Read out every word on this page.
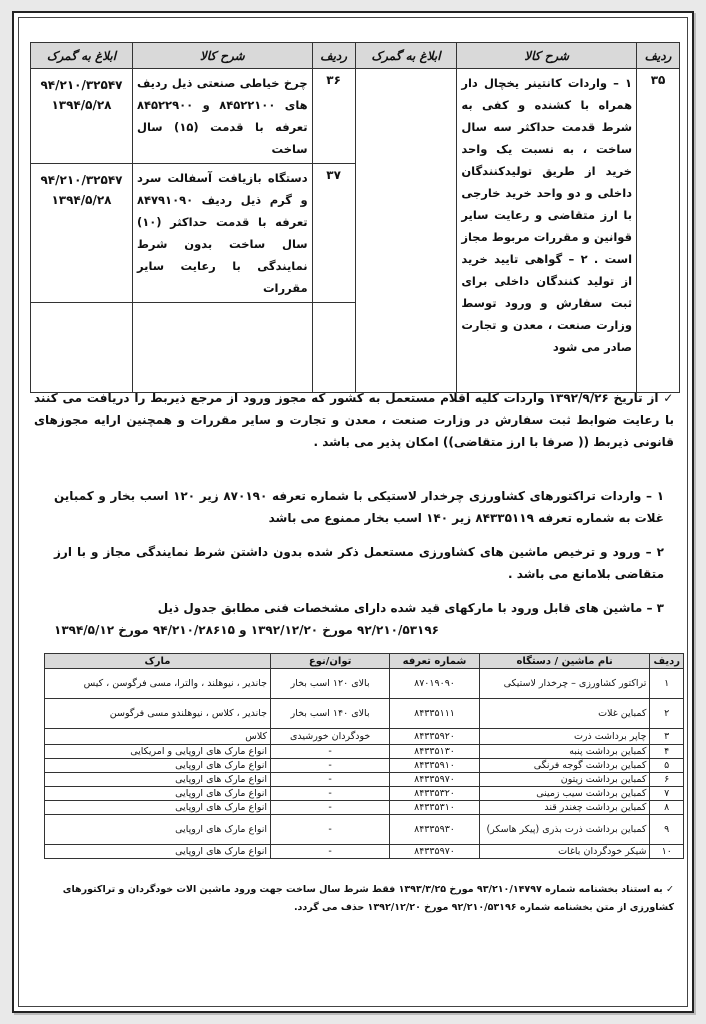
ردیف	شرح کالا	ابلاغ به گمرک	ردیف	شرح کالا	ابلاغ به گمرک
۳۵	۱ – واردات کانتینر یخچال دار همراه با کشنده و کفی به شرط قدمت حداکثر سه سال ساخت ، به نسبت یک واحد خرید از طریق تولیدکنندگان داخلی و دو واحد خرید خارجی با ارز متقاضی و رعایت سایر قوانین و مقررات مربوط مجاز است . ۲ – گواهی تایید خرید از تولید کنندگان داخلی برای ثبت سفارش و ورود توسط وزارت صنعت ، معدن و تجارت صادر می شود		۳۶	چرخ خیاطی صنعتی ذیل ردیف های ۸۴۵۲۲۱۰۰ و ۸۴۵۲۲۹۰۰ تعرفه با قدمت (۱۵) سال ساخت	۹۴/۲۱۰/۳۲۵۴۷
۱۳۹۴/۵/۲۸

			۳۷	دستگاه بازیافت آسفالت سرد و گرم ذیل ردیف ۸۴۷۹۱۰۹۰ تعرفه با قدمت حداکثر (۱۰) سال ساخت بدون شرط نمایندگی با رعایت سایر مقررات	۹۴/۲۱۰/۳۲۵۴۷
۱۳۹۴/۵/۲۸

✓ از تاریخ ۱۳۹۲/۹/۲۶ واردات کلیه اقلام مستعمل به کشور که مجوز ورود از مرجع ذیربط را دریافت می کنند با رعایت ضوابط ثبت سفارش در وزارت صنعت ، معدن و تجارت و سایر مقررات و همچنین ارایه مجوزهای قانونی ذیربط (( صرفا با ارز متقاضی)) امکان پذیر می باشد .
۱ – واردات تراکتورهای کشاورزی چرخدار لاستیکی با شماره تعرفه ۸۷۰۱۹۰ زیر ۱۲۰ اسب بخار و کمباین غلات به شماره تعرفه ۸۴۳۳۵۱۱۹ زیر ۱۴۰ اسب بخار ممنوع می باشد
۲ – ورود و ترخیص ماشین های کشاورزی مستعمل ذکر شده بدون داشتن شرط نمایندگی مجاز و با ارز متقاضی بلامانع می باشد .
۳ – ماشین های قابل ورود با مارکهای قید شده دارای مشخصات فنی مطابق جدول ذیل
۹۲/۲۱۰/۵۳۱۹۶ مورخ ۱۳۹۲/۱۲/۲۰ و ۹۴/۲۱۰/۲۸۶۱۵ مورخ ۱۳۹۴/۵/۱۲
ردیف	نام ماشین / دستگاه	شماره تعرفه	توان/نوع	مارک
۱	تراکتور کشاورزی – چرخدار لاستیکی	۸۷۰۱۹۰۹۰	بالای ۱۲۰ اسب بخار	جاندیر ، نیوهلند ، والترا، مسی فرگوسن ، کیس
۲	کمباین غلات	۸۴۳۳۵۱۱۱	بالای ۱۴۰ اسب بخار	جاندیر ، کلاس ، نیوهلندو مسی فرگوسن
۳	چاپر برداشت ذرت	۸۴۳۳۵۹۲۰	خودگردان خورشیدی	کلاس
۴	کمباین برداشت پنبه	۸۴۳۳۵۱۳۰	-	انواع مارک های اروپایی و امریکایی
۵	کمباین برداشت گوجه فرنگی	۸۴۳۳۵۹۱۰	-	انواع مارک های اروپایی
۶	کمباین برداشت زیتون	۸۴۳۳۵۹۷۰	-	انواع مارک های اروپایی
۷	کمباین برداشت سیب زمینی	۸۴۳۳۵۳۲۰	-	انواع مارک های اروپایی
۸	کمباین برداشت چغندر قند	۸۴۳۳۵۳۱۰	-	انواع مارک های اروپایی
۹	کمباین برداشت ذرت بذری (پیکر هاسکر)	۸۴۳۳۵۹۳۰	-	انواع مارک های اروپایی
۱۰	شیکر خودگردان باغات	۸۴۳۳۵۹۷۰	-	انواع مارک های اروپایی
✓ به استناد بخشنامه شماره ۹۳/۲۱۰/۱۴۷۹۷ مورخ ۱۳۹۳/۳/۲۵ فقط شرط سال ساخت جهت ورود ماشین الات خودگردان و تراکتورهای کشاورزی از متن بخشنامه شماره ۹۲/۲۱۰/۵۳۱۹۶ مورخ ۱۳۹۲/۱۲/۲۰ حذف می گردد.
